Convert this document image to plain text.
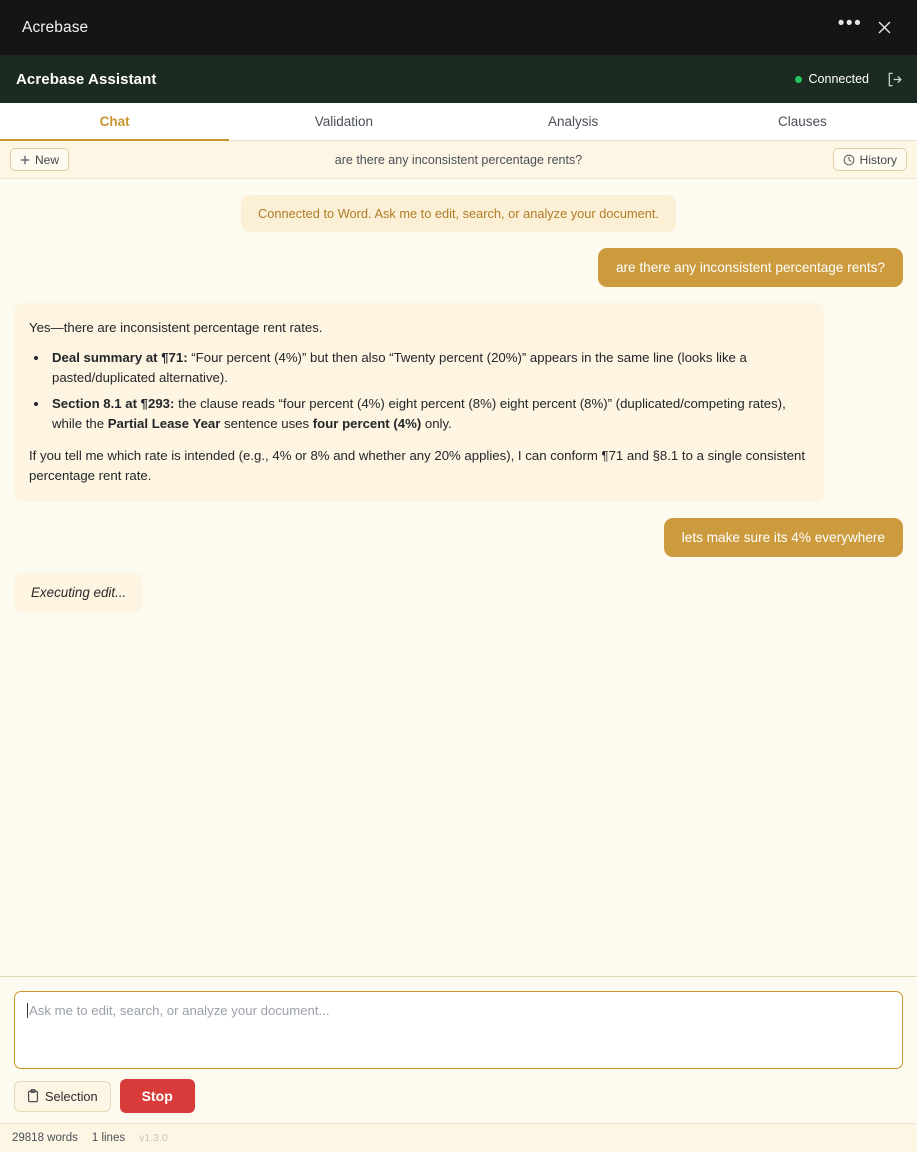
Acrebase	•••
Acrebase Assistant	Connected
Chat	Validation	Analysis	Clauses
New	are there any inconsistent percentage rents?	History
Connected to Word. Ask me to edit, search, or analyze your document.
are there any inconsistent percentage rents?

Yes—there are inconsistent percentage rent rates.

• Deal summary at ¶71: “Four percent (4%)” but then also “Twenty percent (20%)” appears in the same line (looks like a pasted/duplicated alternative).
• Section 8.1 at ¶293: the clause reads “four percent (4%) eight percent (8%) eight percent (8%)” (duplicated/competing rates), while the Partial Lease Year sentence uses four percent (4%) only.

If you tell me which rate is intended (e.g., 4% or 8% and whether any 20% applies), I can conform ¶71 and §8.1 to a single consistent percentage rent rate.

lets make sure its 4% everywhere
Executing edit...
Ask me to edit, search, or analyze your document...
Selection	Stop
29818 words 1 lines v1.3.0
